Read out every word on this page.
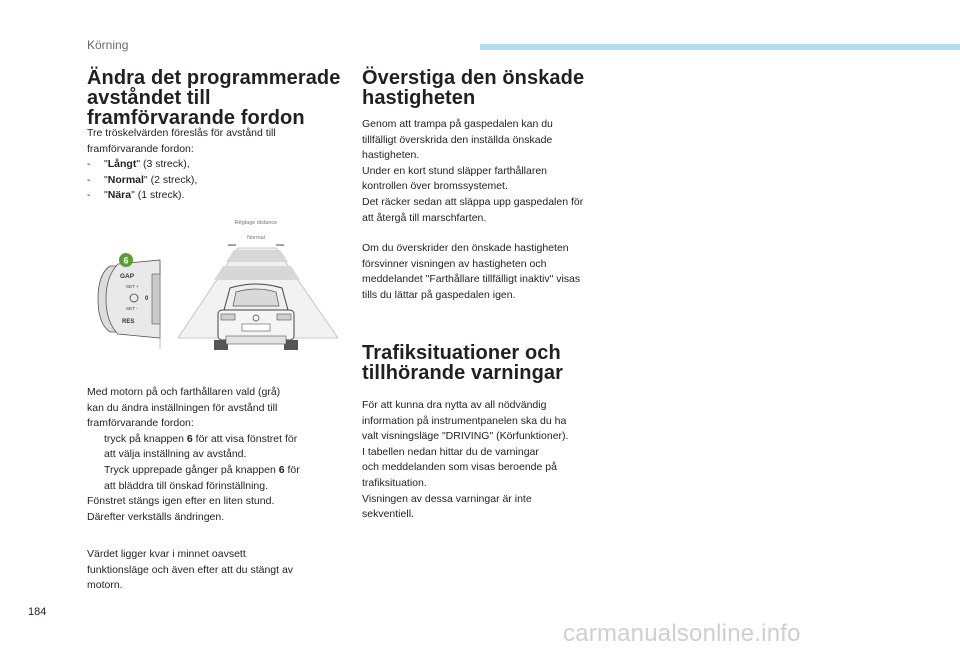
Körning
Ändra det programmerade
avståndet till
framförvarande fordon

Tre tröskelvärden föreslås för avstånd till

framförvarande fordon:

-	"Långt" (3 streck),
-	"Normal" (2 streck),
-	"Nära" (1 streck).
GAP
SET +
SET -
RES
0
6
Réglage distance
Normal

Med motorn på och farthållaren vald (grå)

kan du ändra inställningen för avstånd till

framförvarande fordon:

tryck på knappen 6 för att visa fönstret för
att välja inställning av avstånd.
Tryck upprepade gånger på knappen 6 för
att bläddra till önskad förinställning.

Fönstret stängs igen efter en liten stund.

Därefter verkställs ändringen.

Värdet ligger kvar i minnet oavsett

funktionsläge och även efter att du stängt av

motorn.

Överstiga den önskade
hastigheten

Genom att trampa på gaspedalen kan du

tillfälligt överskrida den inställda önskade

hastigheten.

Under en kort stund släpper farthållaren

kontrollen över bromssystemet.

Det räcker sedan att släppa upp gaspedalen för

att återgå till marschfarten.

Om du överskrider den önskade hastigheten

försvinner visningen av hastigheten och

meddelandet "Farthållare tillfälligt inaktiv" visas

tills du lättar på gaspedalen igen.

Trafiksituationer och
tillhörande varningar

För att kunna dra nytta av all nödvändig

information på instrumentpanelen ska du ha

valt visningsläge "DRIVING" (Körfunktioner).

I tabellen nedan hittar du de varningar

och meddelanden som visas beroende på

trafiksituation.

Visningen av dessa varningar är inte

sekventiell.

184
carmanualsonline.info
